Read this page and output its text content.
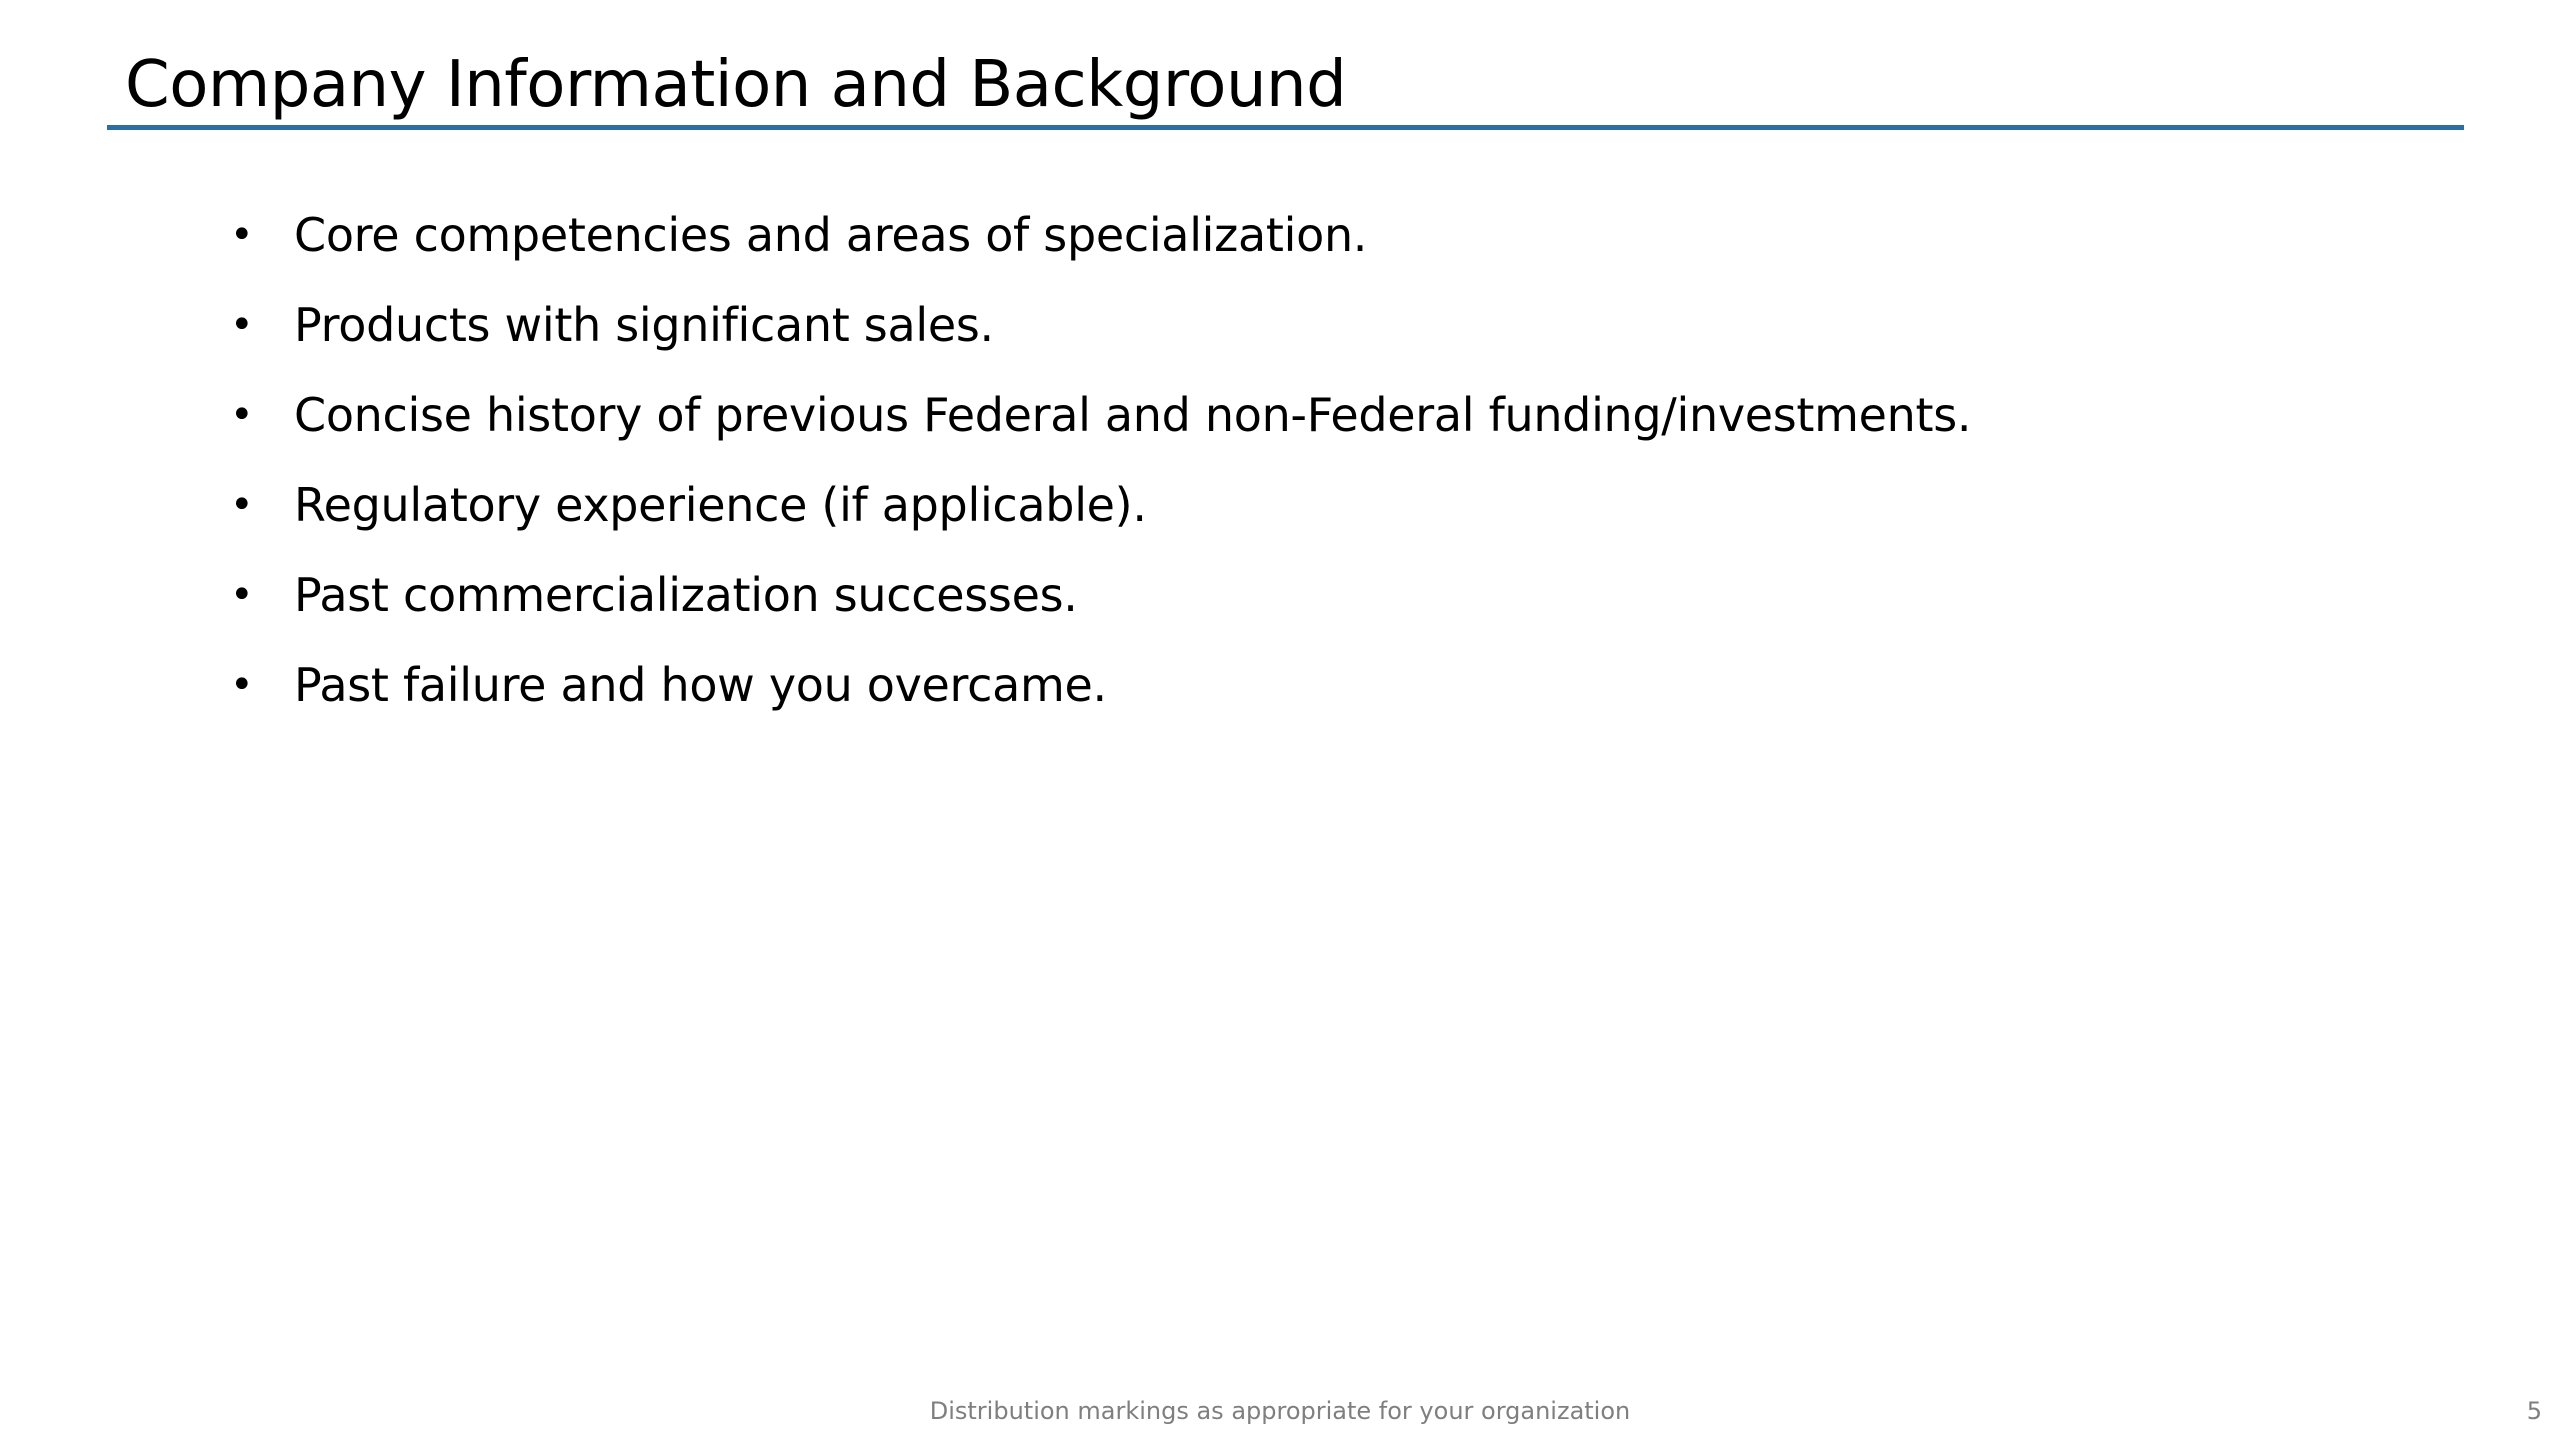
Company Information and Background
• Core competencies and areas of specialization.
• Products with significant sales.
• Concise history of previous Federal and non-Federal funding/investments.
• Regulatory experience (if applicable).
• Past commercialization successes.
• Past failure and how you overcame.
Distribution markings as appropriate for your organization	5
